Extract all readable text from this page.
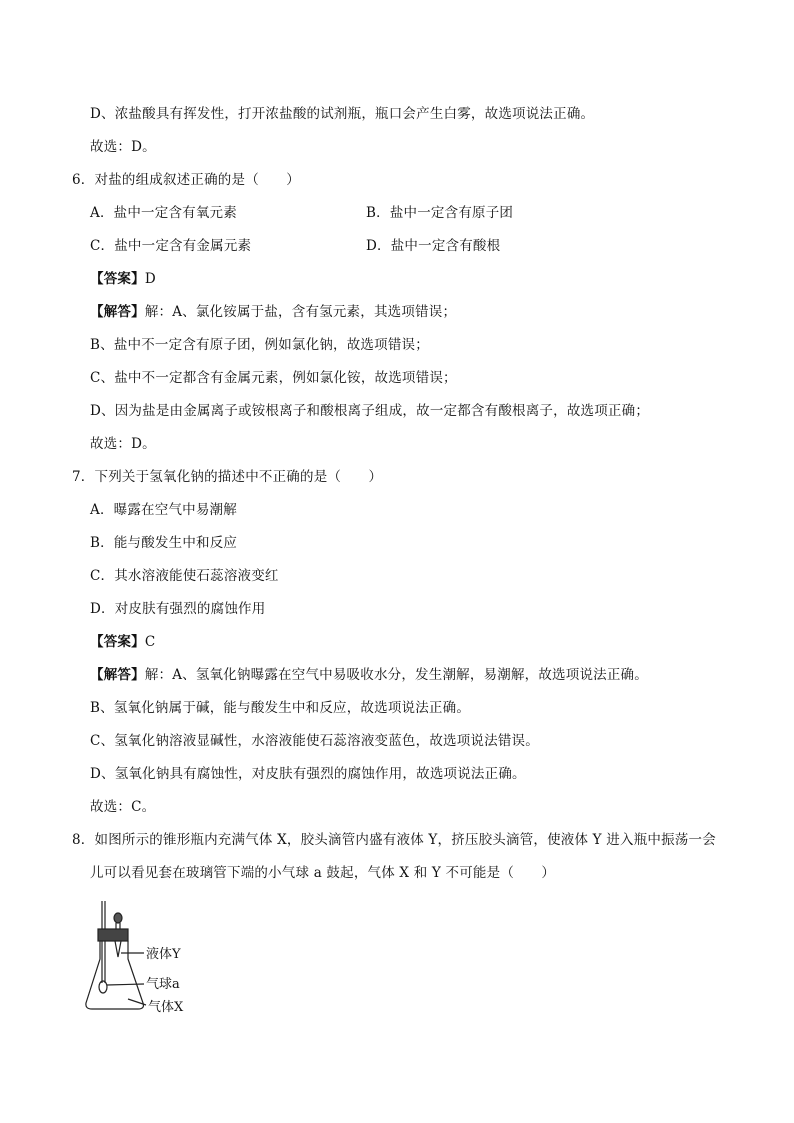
D、浓盐酸具有挥发性，打开浓盐酸的试剂瓶，瓶口会产生白雾，故选项说法正确。
故选：D。
6．对盐的组成叙述正确的是（　　）
A．盐中一定含有氧元素	B．盐中一定含有原子团
C．盐中一定含有金属元素	D．盐中一定含有酸根
【答案】D
【解答】解：A、氯化铵属于盐，含有氢元素，其选项错误；
B、盐中不一定含有原子团，例如氯化钠，故选项错误；
C、盐中不一定都含有金属元素，例如氯化铵，故选项错误；
D、因为盐是由金属离子或铵根离子和酸根离子组成，故一定都含有酸根离子，故选项正确；
故选：D。
7．下列关于氢氧化钠的描述中不正确的是（　　）
A．曝露在空气中易潮解
B．能与酸发生中和反应
C．其水溶液能使石蕊溶液变红
D．对皮肤有强烈的腐蚀作用
【答案】C
【解答】解：A、氢氧化钠曝露在空气中易吸收水分，发生潮解，易潮解，故选项说法正确。
B、氢氧化钠属于碱，能与酸发生中和反应，故选项说法正确。
C、氢氧化钠溶液显碱性，水溶液能使石蕊溶液变蓝色，故选项说法错误。
D、氢氧化钠具有腐蚀性，对皮肤有强烈的腐蚀作用，故选项说法正确。
故选：C。
8．如图所示的锥形瓶内充满气体 X，胶头滴管内盛有液体 Y，挤压胶头滴管，使液体 Y 进入瓶中振荡一会
儿可以看见套在玻璃管下端的小气球 a 鼓起，气体 X 和 Y 不可能是（　　）
液体Y
气球a
气体X
